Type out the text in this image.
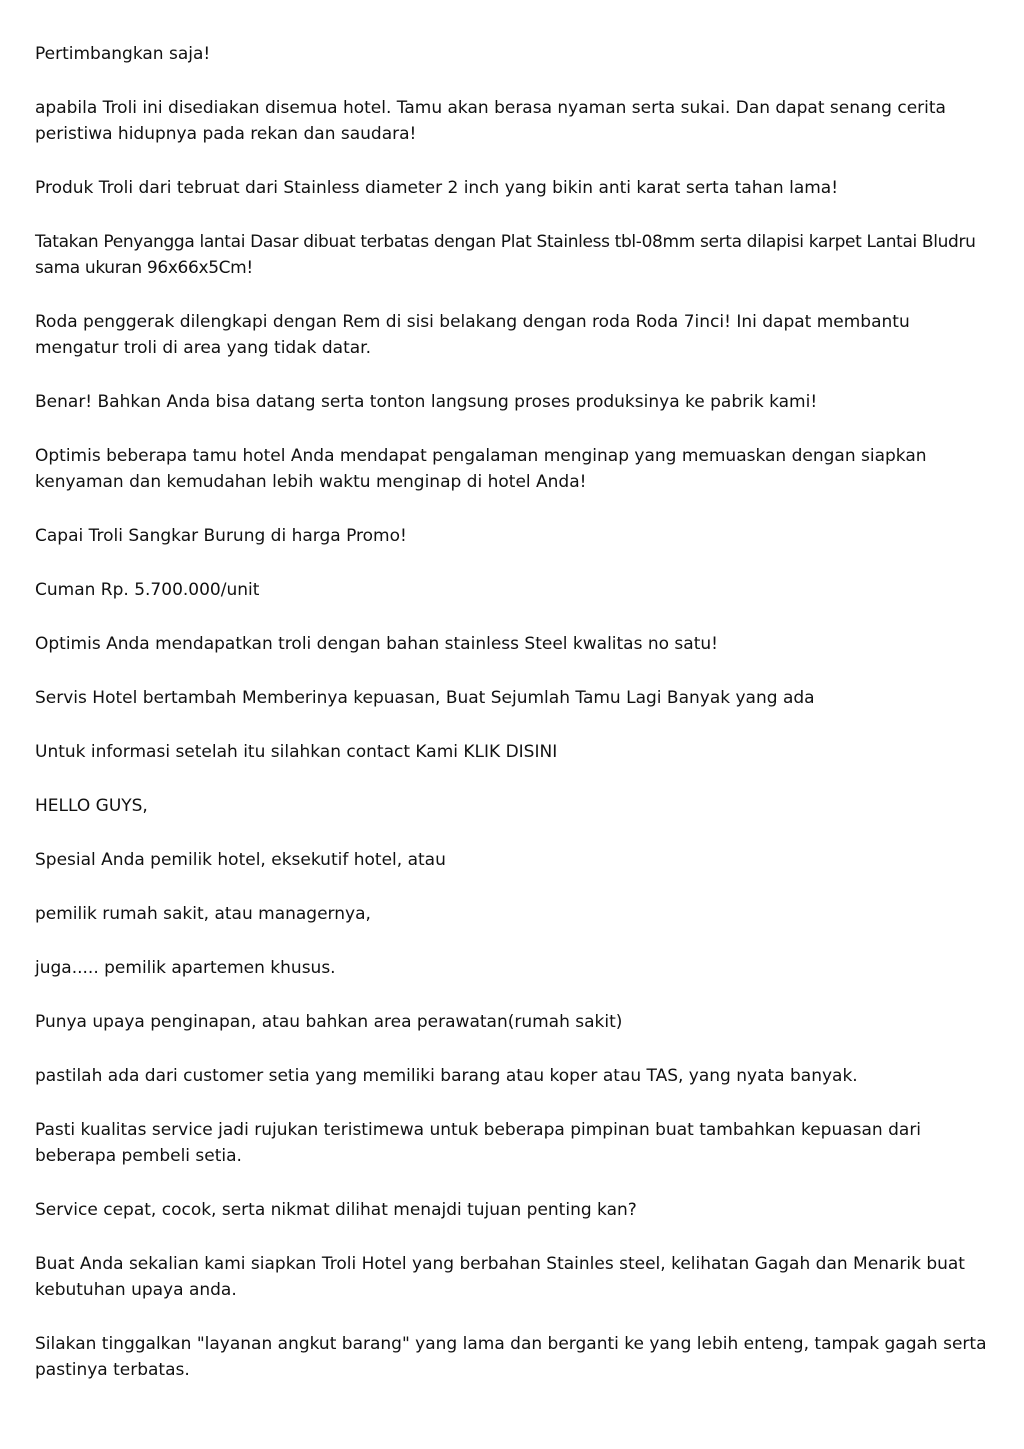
Pertimbangkan saja!

apabila Troli ini disediakan disemua hotel. Tamu akan berasa nyaman serta sukai. Dan dapat senang cerita peristiwa hidupnya pada rekan dan saudara!

Produk Troli dari tebruat dari Stainless diameter 2 inch yang bikin anti karat serta tahan lama!

Tatakan Penyangga lantai Dasar dibuat terbatas dengan Plat Stainless tbl-08mm serta dilapisi karpet Lantai Bludru sama ukuran 96x66x5Cm!

Roda penggerak dilengkapi dengan Rem di sisi belakang dengan roda Roda 7inci! Ini dapat membantu mengatur troli di area yang tidak datar.

Benar! Bahkan Anda bisa datang serta tonton langsung proses produksinya ke pabrik kami!

Optimis beberapa tamu hotel Anda mendapat pengalaman menginap yang memuaskan dengan siapkan kenyaman dan kemudahan lebih waktu menginap di hotel Anda!

Capai Troli Sangkar Burung di harga Promo!

Cuman Rp. 5.700.000/unit

Optimis Anda mendapatkan troli dengan bahan stainless Steel kwalitas no satu!

Servis Hotel bertambah Memberinya kepuasan, Buat Sejumlah Tamu Lagi Banyak yang ada

Untuk informasi setelah itu silahkan contact Kami KLIK DISINI

HELLO GUYS,

Spesial Anda pemilik hotel, eksekutif hotel, atau

pemilik rumah sakit, atau managernya,

juga..... pemilik apartemen khusus.

Punya upaya penginapan, atau bahkan area perawatan(rumah sakit)

pastilah ada dari customer setia yang memiliki barang atau koper atau TAS, yang nyata banyak.

Pasti kualitas service jadi rujukan teristimewa untuk beberapa pimpinan buat tambahkan kepuasan dari beberapa pembeli setia.

Service cepat, cocok, serta nikmat dilihat menajdi tujuan penting kan?

Buat Anda sekalian kami siapkan Troli Hotel yang berbahan Stainles steel, kelihatan Gagah dan Menarik buat kebutuhan upaya anda.

Silakan tinggalkan "layanan angkut barang" yang lama dan berganti ke yang lebih enteng, tampak gagah serta pastinya terbatas.
